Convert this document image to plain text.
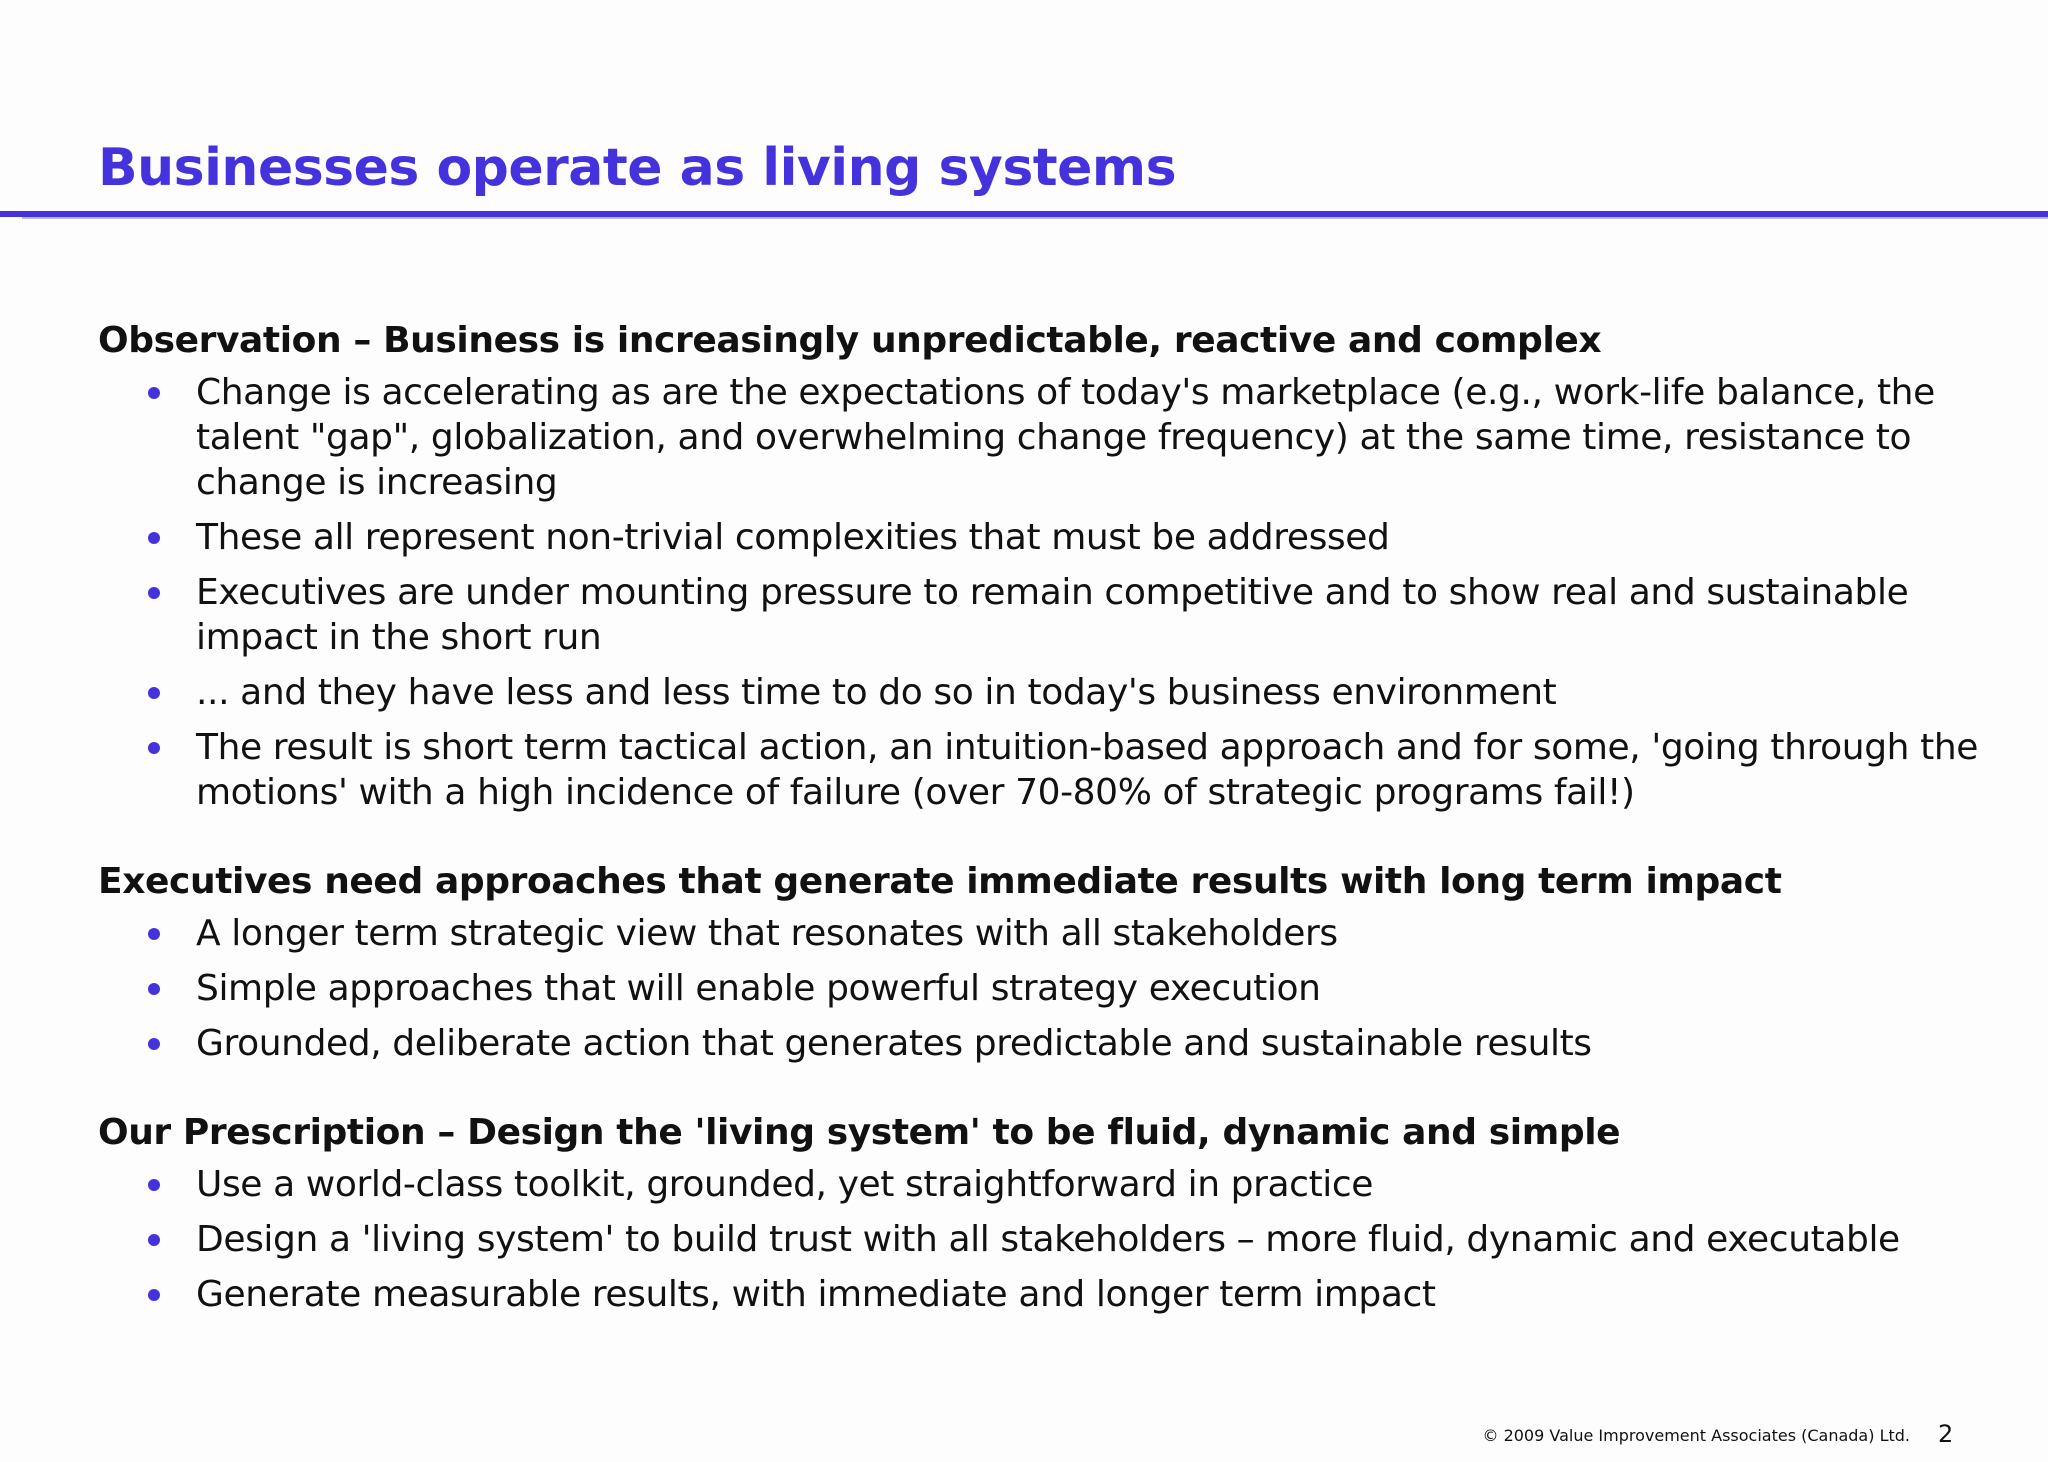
Businesses operate as living systems

Observation – Business is increasingly unpredictable, reactive and complex

Change is accelerating as are the expectations of today's marketplace (e.g., work-life balance, the talent "gap", globalization, and overwhelming change frequency) at the same time, resistance to change is increasing
These all represent non-trivial complexities that must be addressed
Executives are under mounting pressure to remain competitive and to show real and sustainable impact in the short run
... and they have less and less time to do so in today's business environment
The result is short term tactical action, an intuition-based approach and for some, 'going through the motions' with a high incidence of failure (over 70-80% of strategic programs fail!)

Executives need approaches that generate immediate results with long term impact

A longer term strategic view that resonates with all stakeholders
Simple approaches that will enable powerful strategy execution
Grounded, deliberate action that generates predictable and sustainable results

Our Prescription – Design the 'living system' to be fluid, dynamic and simple

Use a world-class toolkit, grounded, yet straightforward in practice
Design a 'living system' to build trust with all stakeholders – more fluid, dynamic and executable
Generate measurable results, with immediate and longer term impact
© 2009 Value Improvement Associates (Canada) Ltd. 2
